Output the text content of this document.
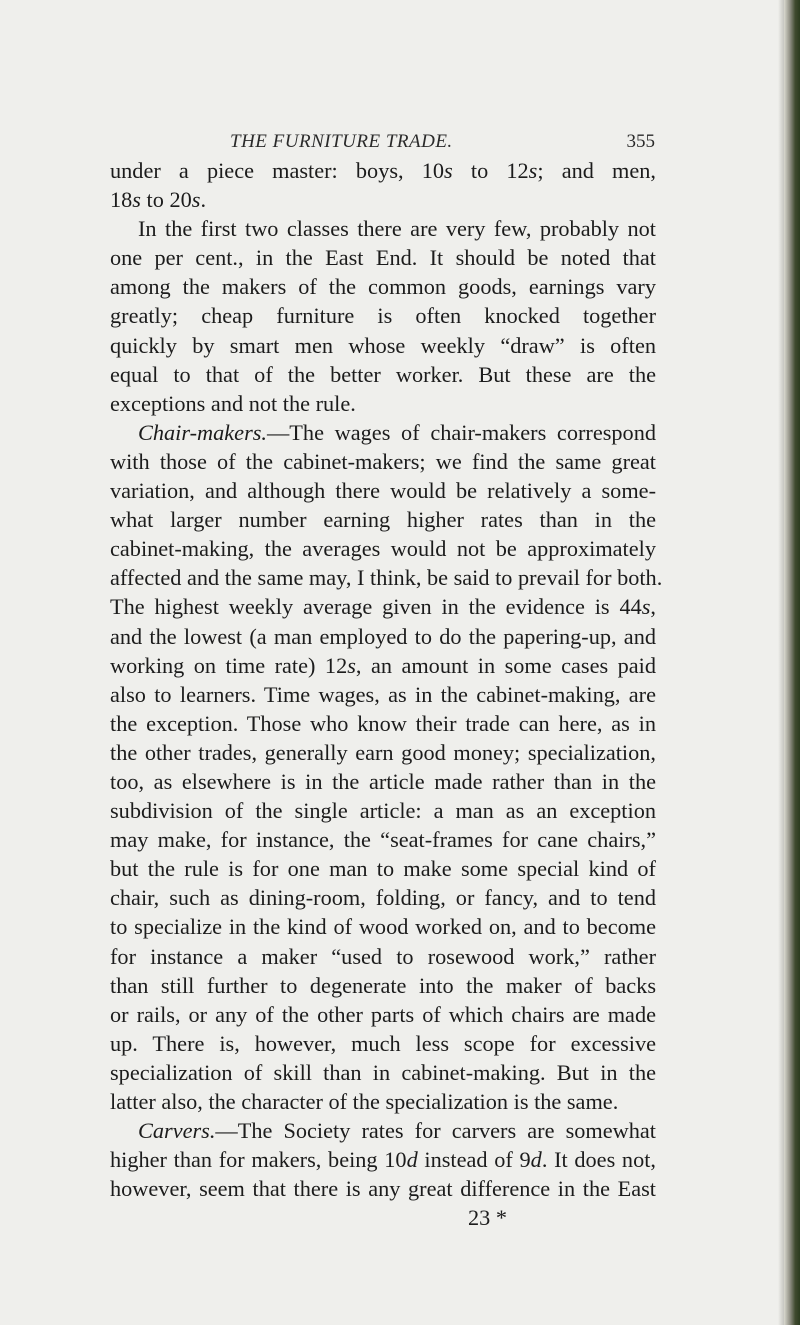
THE FURNITURE TRADE.	355
under a piece master: boys, 10s to 12s; and men,
18s to 20s.
In the first two classes there are very few, probably not
one per cent., in the East End. It should be noted that
among the makers of the common goods, earnings vary
greatly; cheap furniture is often knocked together
quickly by smart men whose weekly “draw” is often
equal to that of the better worker. But these are the
exceptions and not the rule.
Chair-makers.—The wages of chair-makers correspond
with those of the cabinet-makers; we find the same great
variation, and although there would be relatively a some-
what larger number earning higher rates than in the
cabinet-making, the averages would not be approximately
affected and the same may, I think, be said to prevail for both.
The highest weekly average given in the evidence is 44s,
and the lowest (a man employed to do the papering-up, and
working on time rate) 12s, an amount in some cases paid
also to learners. Time wages, as in the cabinet-making, are
the exception. Those who know their trade can here, as in
the other trades, generally earn good money; specialization,
too, as elsewhere is in the article made rather than in the
subdivision of the single article: a man as an exception
may make, for instance, the “seat-frames for cane chairs,”
but the rule is for one man to make some special kind of
chair, such as dining-room, folding, or fancy, and to tend
to specialize in the kind of wood worked on, and to become
for instance a maker “used to rosewood work,” rather
than still further to degenerate into the maker of backs
or rails, or any of the other parts of which chairs are made
up. There is, however, much less scope for excessive
specialization of skill than in cabinet-making. But in the
latter also, the character of the specialization is the same.
Carvers.—The Society rates for carvers are somewhat
higher than for makers, being 10d instead of 9d. It does not,
however, seem that there is any great difference in the East
23 *
